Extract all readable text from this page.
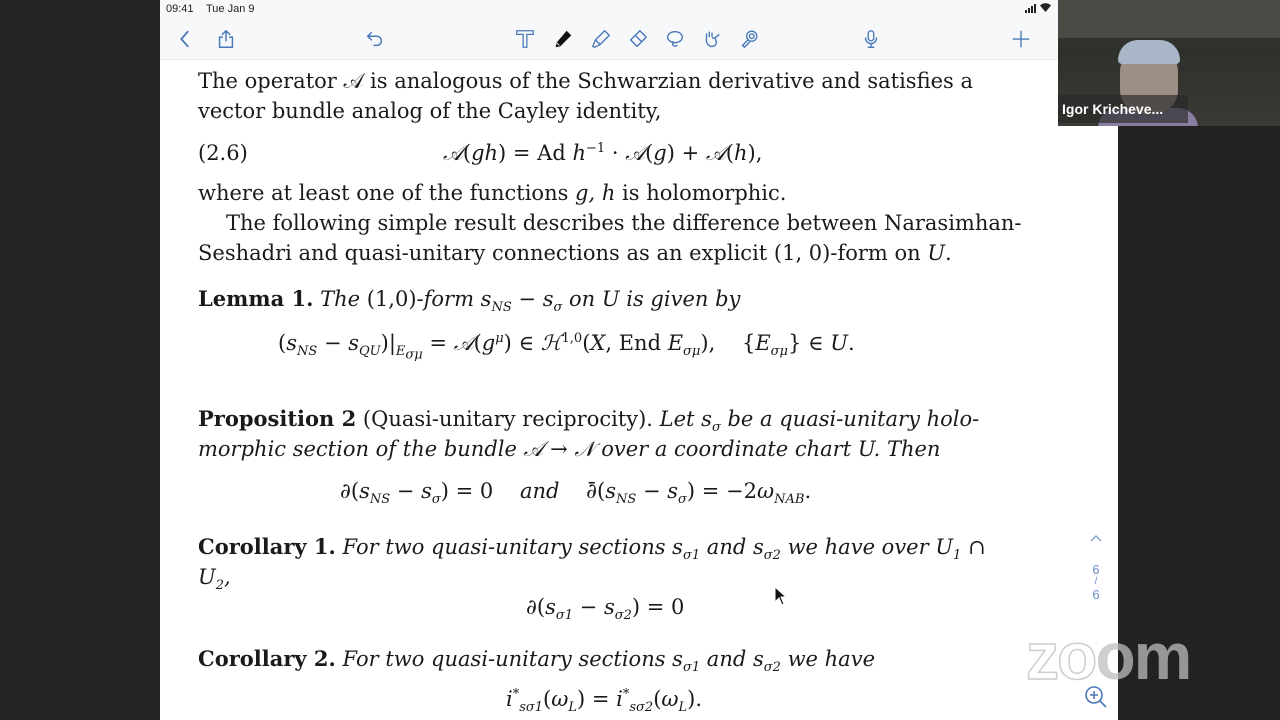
09:41 Tue Jan 9
The operator 𝒜 is analogous of the Schwarzian derivative and satisfies a
vector bundle analog of the Cayley identity,
(2.6)	𝒜(gh) = Ad $h^{-1}$ · 𝒜(g) + 𝒜(h),
where at least one of the functions g, h is holomorphic.
The following simple result describes the difference between Narasimhan-
Seshadri and quasi-unitary connections as an explicit (1, 0)-form on U.
Lemma 1. The (1,0)-form $s_{NS} - s_\sigma$ on U is given by
$(s_{NS} - s_{QU})|_{E_{\sigma\mu}}$ = $𝒜(g^\mu)$ ∈ ℋ$^{1,0}$(X, End $E_{\sigma\mu}$),    $\{E_{\sigma\mu}\}$ ∈ U.
Proposition 2 (Quasi-unitary reciprocity). Let $s_\sigma$ be a quasi-unitary holo-
morphic section of the bundle 𝒜 → 𝒩 over a coordinate chart U. Then
$\partial(s_{NS} - s_\sigma) = 0$    and    $\partial̄(s_{NS} - s_\sigma) = -2\omega_{NAB}$.
Corollary 1. For two quasi-unitary sections $s_{\sigma 1}$ and $s_{\sigma 2}$ we have over $U_1$ ∩
$U_2$,
$\partial(s_{\sigma 1} - s_{\sigma 2}) = 0$
Corollary 2. For two quasi-unitary sections $s_{\sigma 1}$ and $s_{\sigma 2}$ we have
$i^*_{s\sigma 1}(\omega_L) = i^*_{s\sigma 2}(\omega_L)$.
6
/
6
zoom
Igor Kricheve...
